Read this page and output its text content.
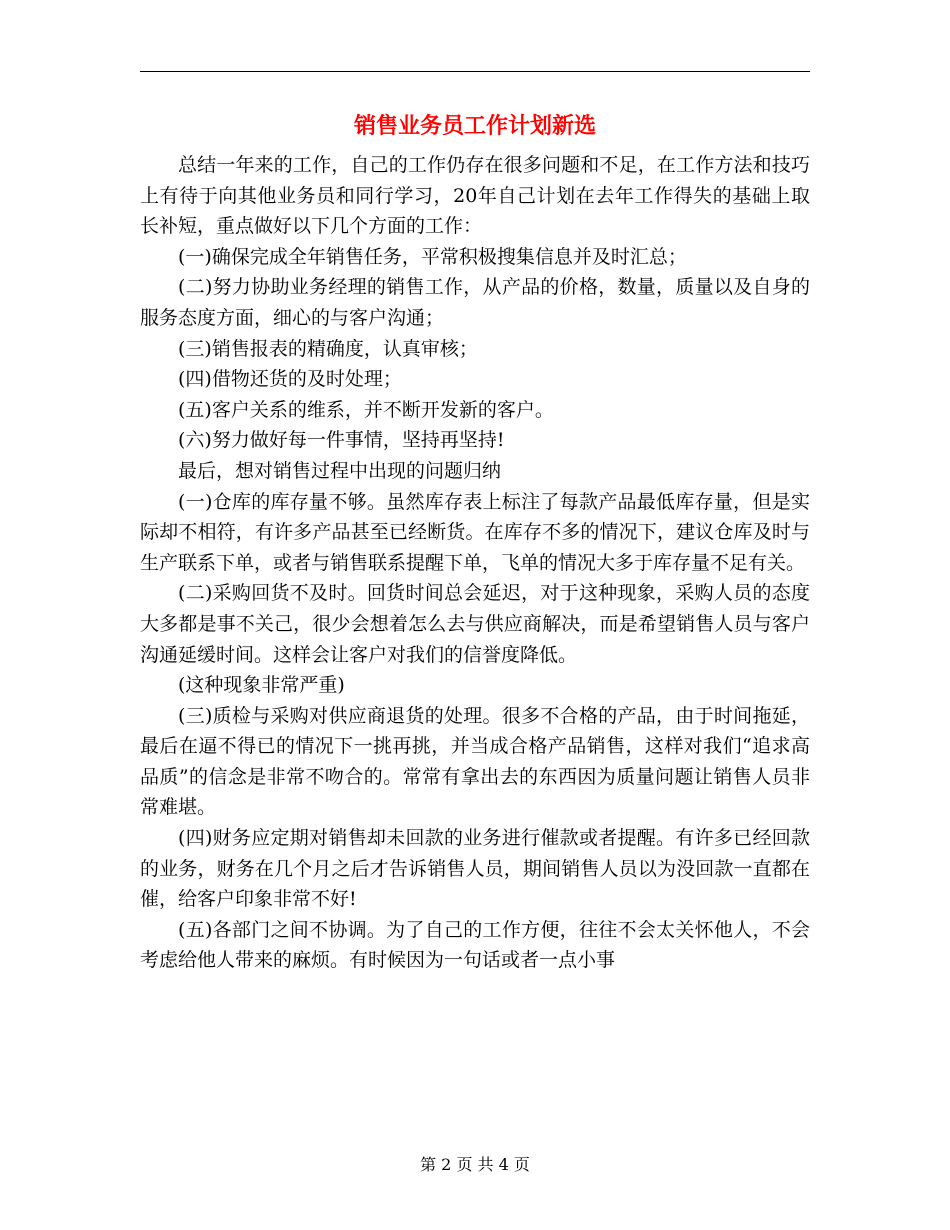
销售业务员工作计划新选

总结一年来的工作，自己的工作仍存在很多问题和不足，在工作方法和技巧上有待于向其他业务员和同行学习，20年自己计划在去年工作得失的基础上取长补短，重点做好以下几个方面的工作：

(一)确保完成全年销售任务，平常积极搜集信息并及时汇总；

(二)努力协助业务经理的销售工作，从产品的价格，数量，质量以及自身的服务态度方面，细心的与客户沟通；

(三)销售报表的精确度，认真审核；

(四)借物还货的及时处理；

(五)客户关系的维系，并不断开发新的客户。

(六)努力做好每一件事情，坚持再坚持!

最后，想对销售过程中出现的问题归纳

(一)仓库的库存量不够。虽然库存表上标注了每款产品最低库存量，但是实际却不相符，有许多产品甚至已经断货。在库存不多的情况下，建议仓库及时与生产联系下单，或者与销售联系提醒下单，飞单的情况大多于库存量不足有关。

(二)采购回货不及时。回货时间总会延迟，对于这种现象，采购人员的态度大多都是事不关己，很少会想着怎么去与供应商解决，而是希望销售人员与客户沟通延缓时间。这样会让客户对我们的信誉度降低。

(这种现象非常严重)

(三)质检与采购对供应商退货的处理。很多不合格的产品，由于时间拖延，最后在逼不得已的情况下一挑再挑，并当成合格产品销售，这样对我们“追求高品质”的信念是非常不吻合的。常常有拿出去的东西因为质量问题让销售人员非常难堪。

(四)财务应定期对销售却未回款的业务进行催款或者提醒。有许多已经回款的业务，财务在几个月之后才告诉销售人员，期间销售人员以为没回款一直都在催，给客户印象非常不好!

(五)各部门之间不协调。为了自己的工作方便，往往不会太关怀他人，不会考虑给他人带来的麻烦。有时候因为一句话或者一点小事

第 2 页 共 4 页
